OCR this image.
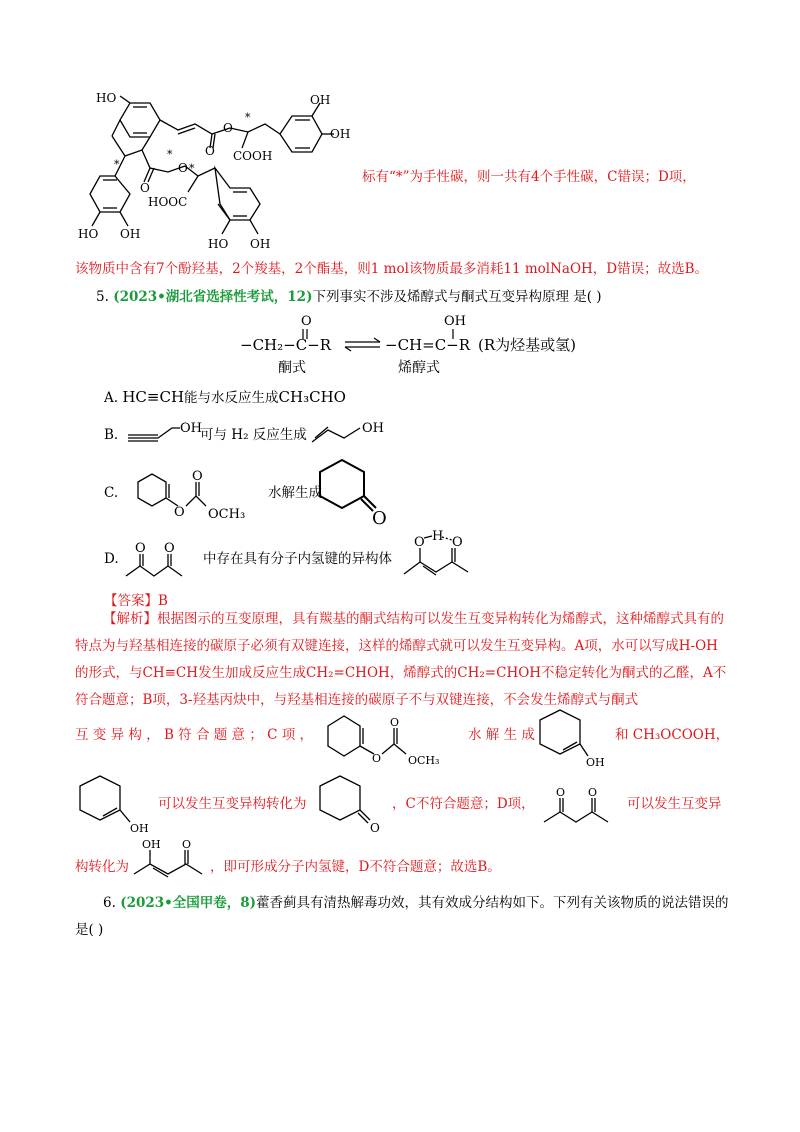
HO
*	O
O
*
COOH
OH
OH
*
O
O *
HOOC
HO OH
HO OH
标有“*”为手性碳，则一共有4个手性碳，C错误；D项，
该物质中含有7个酚羟基，2个羧基，2个酯基，则1 mol该物质最多消耗11 molNaOH，D错误；故选B。
5. (2023•湖北省选择性考试，12)下列事实不涉及烯醇式与酮式互变异构原理 是( )
−CH₂−C−R
O
−CH=C−R
OH
(R为烃基或氢)
酮式	烯醇式
A. HC≡CH能与水反应生成CH₃CHO
B.	OH
可与 H₂ 反应生成	OH
C.
O
O
OCH₃
水解生成
O
D.
O O
中存在具有分子内氢键的异构体
O H O
【答案】B
【解析】根据图示的互变原理，具有羰基的酮式结构可以发生互变异构转化为烯醇式，这种烯醇式具有的特点为与羟基相连接的碳原子必须有双键连接，这样的烯醇式就可以发生互变异构。A项，水可以写成H-OH的形式，与CH≡CH发生加成反应生成CH₂=CHOH，烯醇式的CH₂=CHOH不稳定转化为酮式的乙醛，A不符合题意；B项，3-羟基丙炔中，与羟基相连接的碳原子不与双键连接，不会发生烯醇式与酮式
互 变 异 构 ， B 符 合 题 意 ； C 项 ，
O
O
OCH₃
水 解 生 成
OH
和 CH₃OCOOH，
OH
可以发生互变异构转化为
O
，C不符合题意；D项，
O O
可以发生互变异
构转化为
OH O
，即可形成分子内氢键，D不符合题意；故选B。
6. (2023•全国甲卷，8)藿香蓟具有清热解毒功效，其有效成分结构如下。下列有关该物质的说法错误的是( )
